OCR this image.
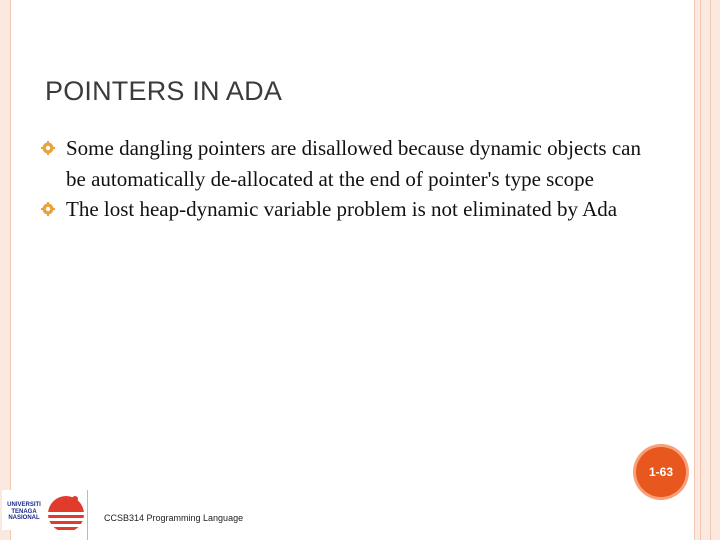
POINTERS IN ADA
Some dangling pointers are disallowed because dynamic objects can be automatically de-allocated at the end of pointer's type scope
The lost heap-dynamic variable problem is not eliminated by Ada
1-63
UNIVERSITI TENAGA NASIONAL	CCSB314 Programming Language
